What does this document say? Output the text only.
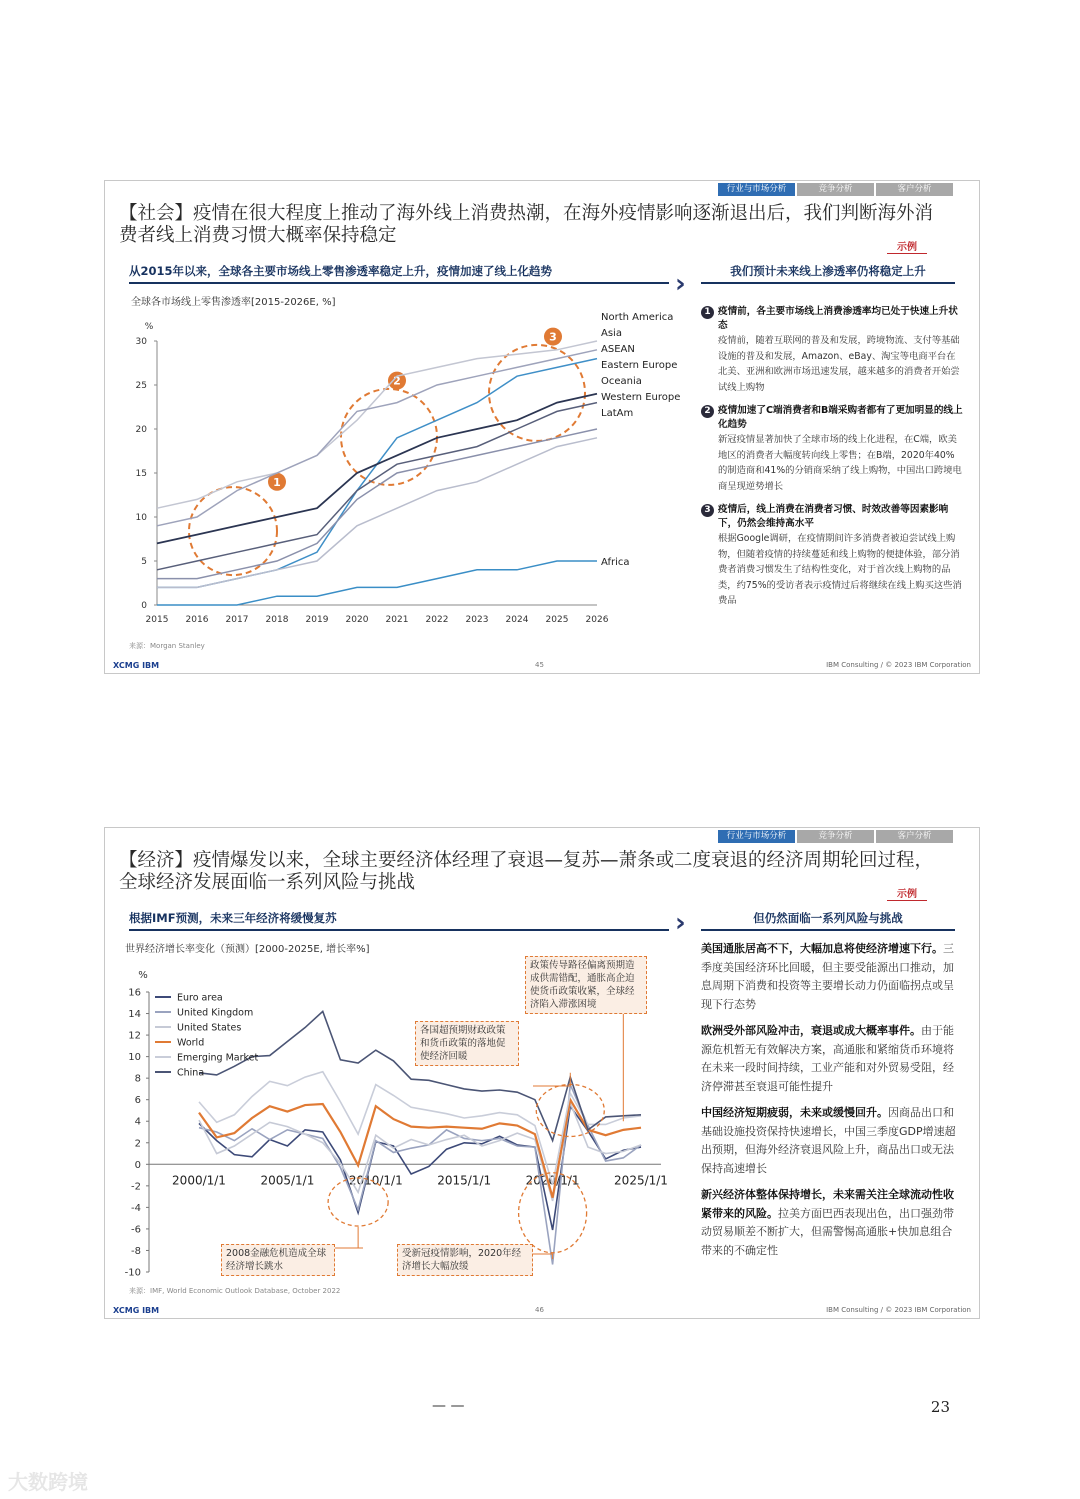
行业与市场分析	竞争分析	客户分析
【社会】疫情在很大程度上推动了海外线上消费热潮，在海外疫情影响逐渐退出后，我们判断海外消费者线上消费习惯大概率保持稳定
示例
从2015年以来，全球各主要市场线上零售渗透率稳定上升，疫情加速了线上化趋势	›	我们预计未来线上渗透率仍将稳定上升
全球各市场线上零售渗透率[2015-2026E, %]
%
0
5
10
15
20
25
30
2015 2016 2017 2018 2019 2020 2021 2022 2023 2024 2025 2026
1
2
3
North America
Asia
ASEAN
Eastern Europe
Oceania
Western Europe
LatAm
Africa
1 疫情前，各主要市场线上消费渗透率均已处于快速上升状态
疫情前，随着互联网的普及和发展，跨境物流、支付等基础设施的普及和发展，Amazon、eBay、淘宝等电商平台在北美、亚洲和欧洲市场迅速发展，越来越多的消费者开始尝试线上购物
2 疫情加速了C端消费者和B端采购者都有了更加明显的线上化趋势
新冠疫情显著加快了全球市场的线上化进程，在C端，欧美地区的消费者大幅度转向线上零售；在B端，2020年40%的制造商和41%的分销商采纳了线上购物，中国出口跨境电商呈现逆势增长
3 疫情后，线上消费在消费者习惯、时效改善等因素影响下，仍然会维持高水平
根据Google调研，在疫情期间许多消费者被迫尝试线上购物，但随着疫情的持续蔓延和线上购物的便捷体验，部分消费者消费习惯发生了结构性变化，对于首次线上购物的品类，约75%的受访者表示疫情过后将继续在线上购买这些消费品
来源：Morgan Stanley
XCMG IBM	45	IBM Consulting / © 2023 IBM Corporation
行业与市场分析	竞争分析	客户分析
【经济】疫情爆发以来，全球主要经济体经理了衰退—复苏—萧条或二度衰退的经济周期轮回过程，全球经济发展面临一系列风险与挑战
示例
根据IMF预测，未来三年经济将缓慢复苏	›	但仍然面临一系列风险与挑战
世界经济增长率变化（预测）[2000-2025E, 增长率%]
%
-10
-8
-6
-4
-2
0
2
4
6
8
10
12
14
16
2000/1/1	2005/1/1	2010/1/1	2015/1/1	2020/1/1	2025/1/1
Euro area
United Kingdom
United States
World
Emerging Market
China
政策传导路径偏离预期造成供需错配，通胀高企迫使货币政策收紧，全球经济陷入滞涨困境
各国超预期财政政策和货币政策的落地促使经济回暖
2008金融危机造成全球经济增长跳水
受新冠疫情影响，2020年经济增长大幅放缓
美国通胀居高不下，大幅加息将使经济增速下行。三季度美国经济环比回暖，但主要受能源出口推动，加息周期下消费和投资等主要增长动力仍面临拐点或呈现下行态势
欧洲受外部风险冲击，衰退或成大概率事件。由于能源危机暂无有效解决方案，高通胀和紧缩货币环境将在未来一段时间持续，工业产能和对外贸易受阻，经济停滞甚至衰退可能性提升
中国经济短期疲弱，未来或缓慢回升。因商品出口和基础设施投资保持快速增长，中国三季度GDP增速超出预期，但海外经济衰退风险上升，商品出口或无法保持高速增长
新兴经济体整体保持增长，未来需关注全球流动性收紧带来的风险。拉美方面巴西表现出色，出口强劲带动贸易顺差不断扩大，但需警惕高通胀+快加息组合带来的不确定性
来源：IMF, World Economic Outlook Database, October 2022
XCMG IBM	46	IBM Consulting / © 2023 IBM Corporation
— —	23
大数跨境
